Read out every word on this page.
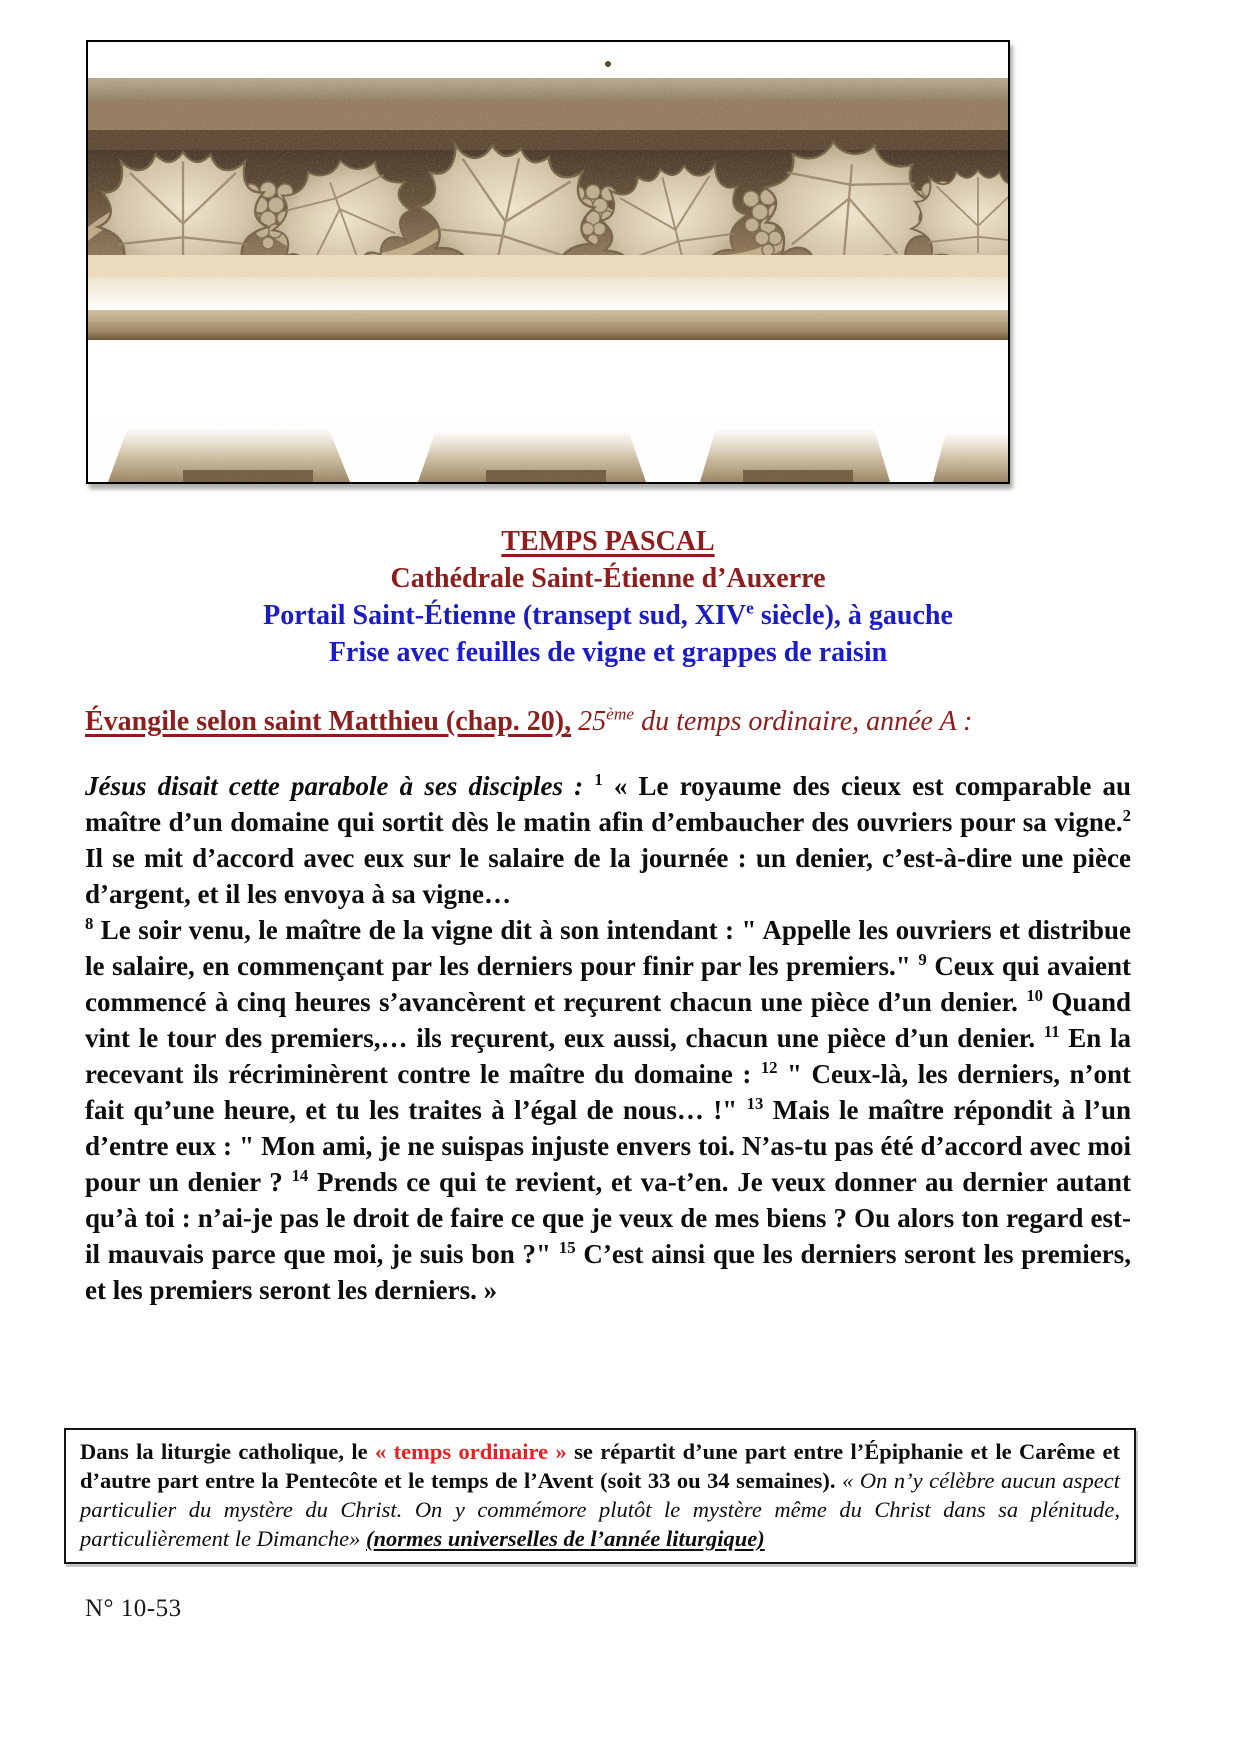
TEMPS PASCAL
Cathédrale Saint-Étienne d’Auxerre
Portail Saint-Étienne (transept sud, XIVe siècle), à gauche
Frise avec feuilles de vigne et grappes de raisin
Évangile selon saint Matthieu (chap. 20), 25ème du temps ordinaire, année A :

Jésus disait cette parabole à ses disciples : $^1$ « Le royaume des cieux est comparable au maître d’un domaine qui sortit dès le matin afin d’embaucher des ouvriers pour sa vigne.$^2$ Il se mit d’accord avec eux sur le salaire de la journée : un denier, c’est-à-dire une pièce d’argent, et il les envoya à sa vigne…

$^8$ Le soir venu, le maître de la vigne dit à son intendant : " Appelle les ouvriers et distribue le salaire, en commençant par les derniers pour finir par les premiers." $^9$ Ceux qui avaient commencé à cinq heures s’avancèrent et reçurent chacun une pièce d’un denier. $^{10}$ Quand vint le tour des premiers,… ils reçurent, eux aussi, chacun une pièce d’un denier. $^{11}$ En la recevant ils récriminèrent contre le maître du domaine : $^{12}$ " Ceux-là, les derniers, n’ont fait qu’une heure, et tu les traites à l’égal de nous… !" $^{13}$ Mais le maître répondit à l’un d’entre eux : " Mon ami, je ne suispas injuste envers toi. N’as-tu pas été d’accord avec moi pour un denier ? $^{14}$ Prends ce qui te revient, et va-t’en. Je veux donner au dernier autant qu’à toi : n’ai-je pas le droit de faire ce que je veux de mes biens ? Ou alors ton regard est-il mauvais parce que moi, je suis bon ?" $^{15}$ C’est ainsi que les derniers seront les premiers, et les premiers seront les derniers. »

Dans la liturgie catholique, le « temps ordinaire » se répartit d’une part entre l’Épiphanie et le Carême et d’autre part entre la Pentecôte et le temps de l’Avent (soit 33 ou 34 semaines). « On n’y célèbre aucun aspect particulier du mystère du Christ. On y commémore plutôt le mystère même du Christ dans sa plénitude, particulièrement le Dimanche» (normes universelles de l’année liturgique)
N° 10-53
